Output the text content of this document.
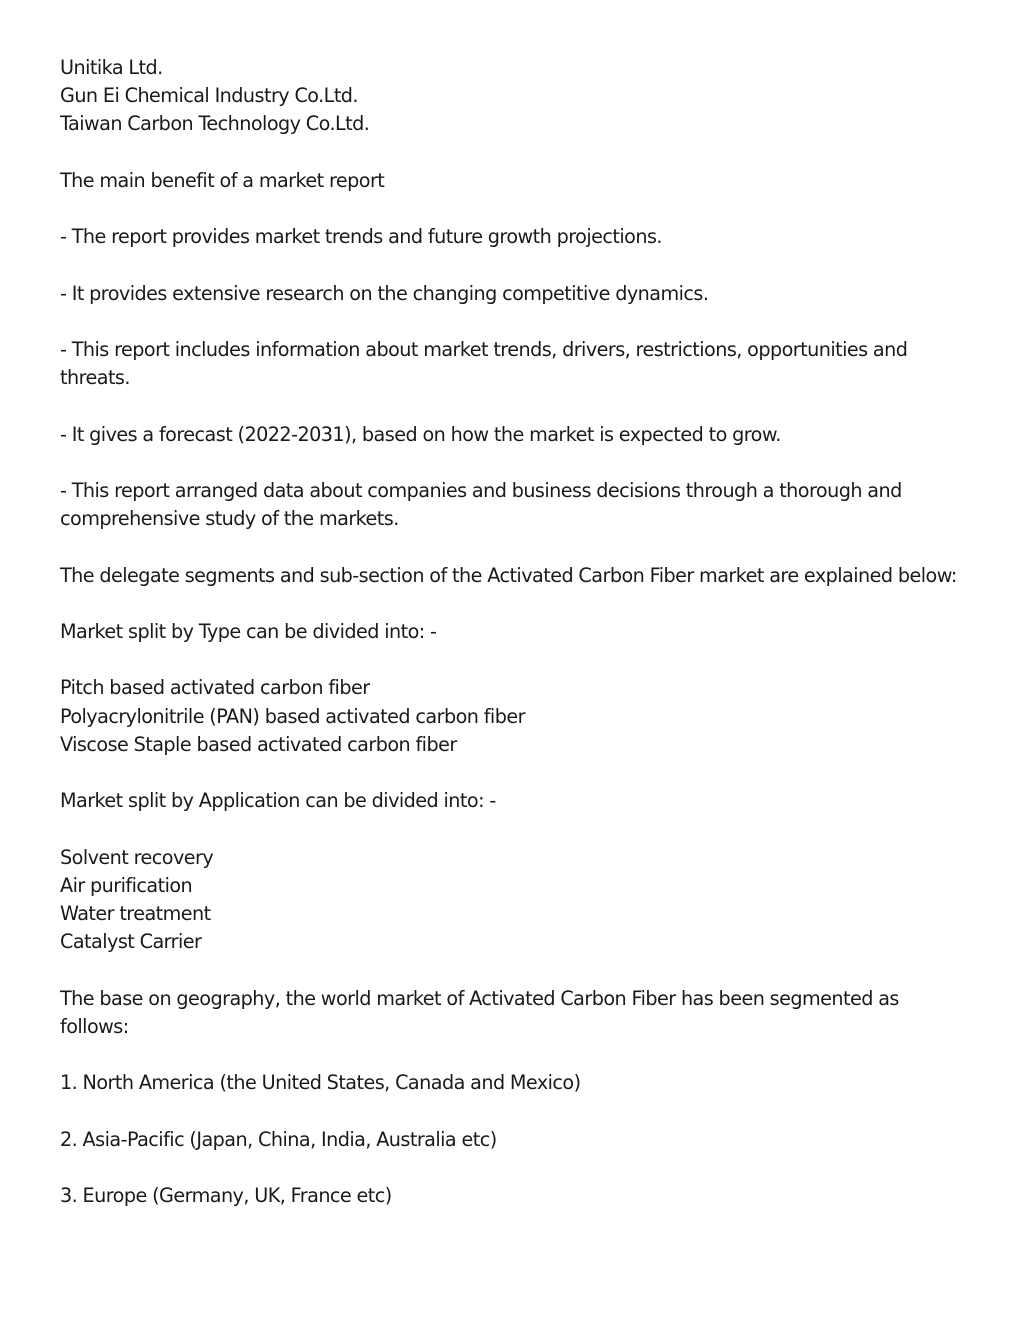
Unitika Ltd.
Gun Ei Chemical Industry Co.Ltd.
Taiwan Carbon Technology Co.Ltd.
The main benefit of a market report
- The report provides market trends and future growth projections.
- It provides extensive research on the changing competitive dynamics.
- This report includes information about market trends, drivers, restrictions, opportunities and threats.
- It gives a forecast (2022-2031), based on how the market is expected to grow.
- This report arranged data about companies and business decisions through a thorough and comprehensive study of the markets.
The delegate segments and sub-section of the Activated Carbon Fiber market are explained below:
Market split by Type can be divided into: -
Pitch based activated carbon fiber
Polyacrylonitrile (PAN) based activated carbon fiber
Viscose Staple based activated carbon fiber
Market split by Application can be divided into: -
Solvent recovery
Air purification
Water treatment
Catalyst Carrier
The base on geography, the world market of Activated Carbon Fiber has been segmented as follows:
1. North America (the United States, Canada and Mexico)
2. Asia-Pacific (Japan, China, India, Australia etc)
3. Europe (Germany, UK, France etc)
